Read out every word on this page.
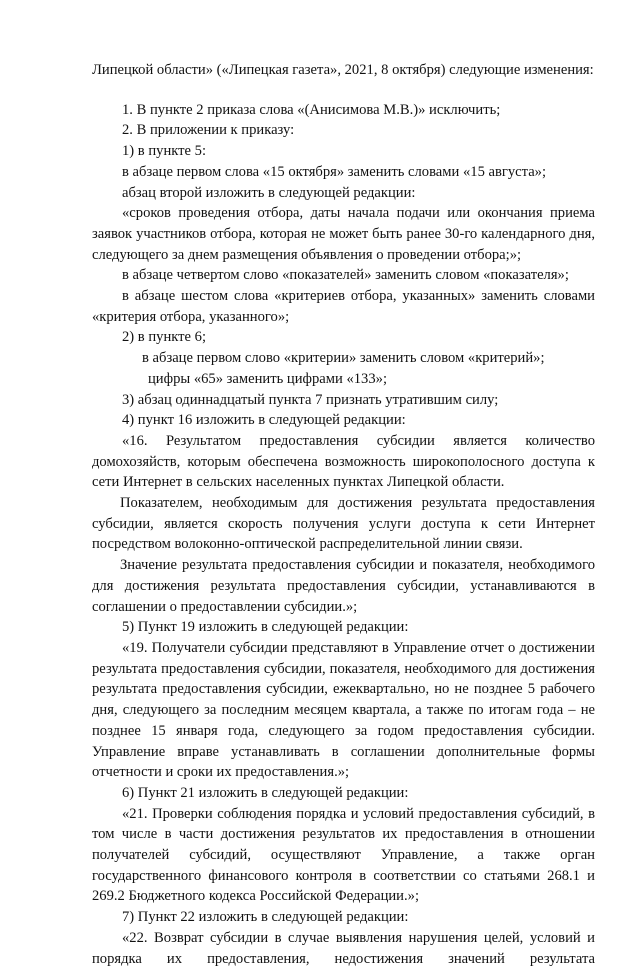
Липецкой области» («Липецкая газета», 2021, 8 октября) следующие изменения:

1. В пункте 2 приказа слова «(Анисимова М.В.)» исключить;

2. В приложении к приказу:

1) в пункте 5:

в абзаце первом слова «15 октября» заменить словами «15 августа»;

абзац второй изложить в следующей редакции:

«сроков проведения отбора, даты начала подачи или окончания приема заявок участников отбора, которая не может быть ранее 30-го календарного дня, следующего за днем размещения объявления о проведении отбора;»;

в абзаце четвертом слово «показателей» заменить словом «показателя»;

в абзаце шестом слова «критериев отбора, указанных» заменить словами «критерия отбора, указанного»;

2) в пункте 6;

в абзаце первом слово «критерии» заменить словом «критерий»;

цифры «65» заменить цифрами «133»;

3) абзац одиннадцатый пункта 7 признать утратившим силу;

4) пункт 16 изложить в следующей редакции:

«16. Результатом предоставления субсидии является количество домохозяйств, которым обеспечена возможность широкополосного доступа к сети Интернет в сельских населенных пунктах Липецкой области.

Показателем, необходимым для достижения результата предоставления субсидии, является скорость получения услуги доступа к сети Интернет посредством волоконно-оптической распределительной линии связи.

Значение результата предоставления субсидии и показателя, необходимого для достижения результата предоставления субсидии, устанавливаются в соглашении о предоставлении субсидии.»;

5) Пункт 19 изложить в следующей редакции:

«19. Получатели субсидии представляют в Управление отчет о достижении результата предоставления субсидии, показателя, необходимого для достижения результата предоставления субсидии, ежеквартально, но не позднее 5 рабочего дня, следующего за последним месяцем квартала, а также по итогам года – не позднее 15 января года, следующего за годом предоставления субсидии. Управление вправе устанавливать в соглашении дополнительные формы отчетности и сроки их предоставления.»;

6) Пункт 21 изложить в следующей редакции:

«21. Проверки соблюдения порядка и условий предоставления субсидий, в том числе в части достижения результатов их предоставления в отношении получателей субсидий, осуществляют Управление, а также орган государственного финансового контроля в соответствии со статьями 268.1 и 269.2 Бюджетного кодекса Российской Федерации.»;

7) Пункт 22 изложить в следующей редакции:

«22. Возврат субсидии в случае выявления нарушения целей, условий и порядка их предоставления, недостижения значений результата
